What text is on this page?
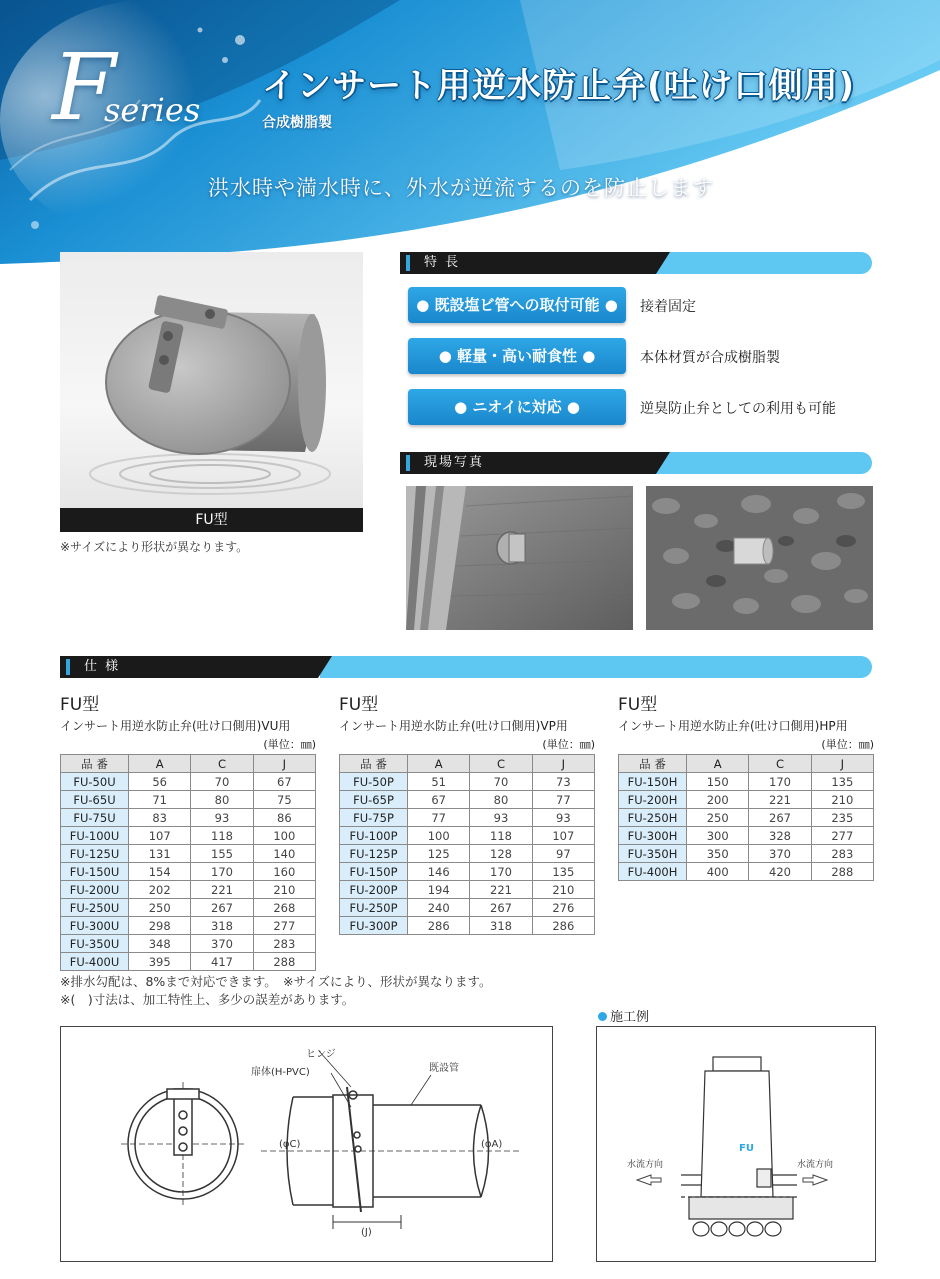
F
series
インサート用逆水防止弁(吐け口側用)
合成樹脂製
洪水時や満水時に、外水が逆流するのを防止します
FU型
※サイズにより形状が異なります。
特 長
● 既設塩ビ管への取付可能 ●	接着固定
● 軽量・高い耐食性 ●	本体材質が合成樹脂製
● ニオイに対応 ●	逆臭防止弁としての利用も可能
現場写真
仕 様
FU型
インサート用逆水防止弁(吐け口側用)VU用
(単位：㎜)
品 番	A	C	J
FU-50U	56	70	67
FU-65U	71	80	75
FU-75U	83	93	86
FU-100U	107	118	100
FU-125U	131	155	140
FU-150U	154	170	160
FU-200U	202	221	210
FU-250U	250	267	268
FU-300U	298	318	277
FU-350U	348	370	283
FU-400U	395	417	288
FU型
インサート用逆水防止弁(吐け口側用)VP用
(単位：㎜)
品 番	A	C	J
FU-50P	51	70	73
FU-65P	67	80	77
FU-75P	77	93	93
FU-100P	100	118	107
FU-125P	125	128	97
FU-150P	146	170	135
FU-200P	194	221	210
FU-250P	240	267	276
FU-300P	286	318	286
FU型
インサート用逆水防止弁(吐け口側用)HP用
(単位：㎜)
品 番	A	C	J
FU-150H	150	170	135
FU-200H	200	221	210
FU-250H	250	267	235
FU-300H	300	328	277
FU-350H	350	370	283
FU-400H	400	420	288
※排水勾配は、8%まで対応できます。　※サイズにより、形状が異なります。
※(　)寸法は、加工特性上、多少の誤差があります。
ヒンジ
扉体(H-PVC)	既設管
(φC)	(φA)
(J)
施工例
FU
水流方向	水流方向
